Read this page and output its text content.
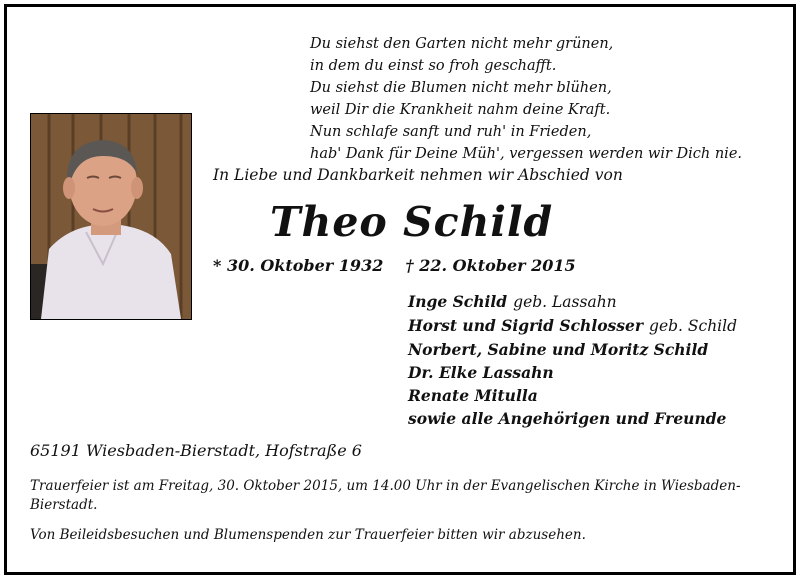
Du siehst den Garten nicht mehr grünen,
in dem du einst so froh geschafft.
Du siehst die Blumen nicht mehr blühen,
weil Dir die Krankheit nahm deine Kraft.
Nun schlafe sanft und ruh' in Frieden,
hab' Dank für Deine Müh', vergessen werden wir Dich nie.
In Liebe und Dankbarkeit nehmen wir Abschied von
Theo Schild
* 30. Oktober 1932 † 22. Oktober 2015
Inge Schild geb. Lassahn
Horst und Sigrid Schlosser geb. Schild
Norbert, Sabine und Moritz Schild
Dr. Elke Lassahn
Renate Mitulla
sowie alle Angehörigen und Freunde
65191 Wiesbaden-Bierstadt, Hofstraße 6
Trauerfeier ist am Freitag, 30. Oktober 2015, um 14.00 Uhr in der Evangelischen Kirche in Wiesbaden-Bierstadt.
Von Beileidsbesuchen und Blumenspenden zur Trauerfeier bitten wir abzusehen.
